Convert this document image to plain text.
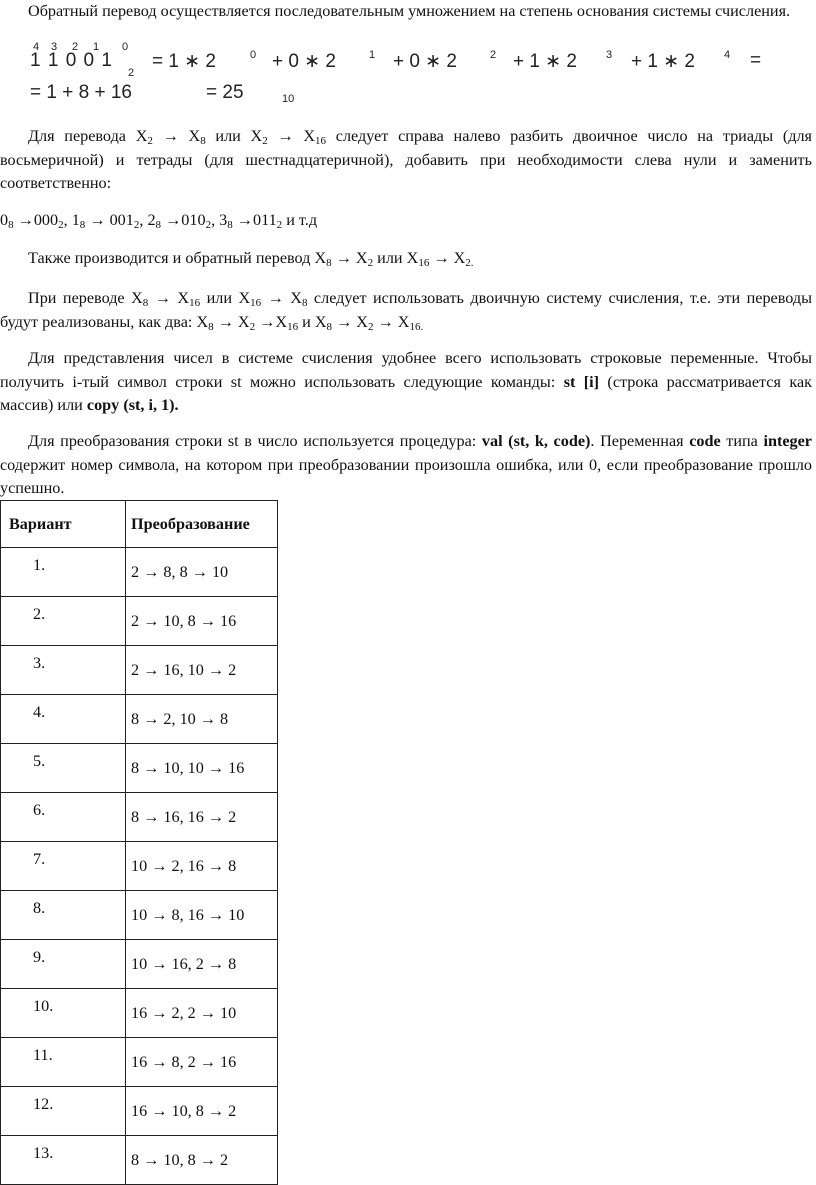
Обратный перевод осуществляется последовательным умножением на степень основания системы счисления.
4 3 2 1 0
1 1 0 0 1
2
= 1 ∗ 2	0 + 0 ∗ 2	1 + 0 ∗ 2	2 + 1 ∗ 2	3 + 1 ∗ 2	4 =
= 1 + 8 + 16	= 25	10
Для перевода $X_2 \to X_8$ или $X_2 \to X_{16}$ следует справа налево разбить двоичное число на триады (для восьмеричной) и тетрады (для шестнадцатеричной), добавить при необходимости слева нули и заменить соответственно:
$0_8 \to 000_2$, $1_8 \to 001_2$, $2_8 \to 010_2$, $3_8 \to 011_2$ и т.д
Также производится и обратный перевод $X_8 \to X_2$ или $X_{16} \to X_{2.}$
При переводе $X_8 \to X_{16}$ или $X_{16} \to X_8$ следует использовать двоичную систему счисления, т.е. эти переводы будут реализованы, как два: $X_8 \to X_2 \to X_{16}$ и $X_8 \to X_2 \to X_{16.}$
Для представления чисел в системе счисления удобнее всего использовать строковые переменные. Чтобы получить i-тый символ строки st можно использовать следующие команды: st [i] (строка рассматривается как массив) или copy (st, i, 1).
Для преобразования строки st в число используется процедура: val (st, k, code). Переменная code типа integer содержит номер символа, на котором при преобразовании произошла ошибка, или 0, если преобразование прошло успешно.
Вариант	Преобразование
1.	2 → 8, 8 → 10
2.	2 → 10, 8 → 16
3.	2 → 16, 10 → 2
4.	8 → 2, 10 → 8
5.	8 → 10, 10 → 16
6.	8 → 16, 16 → 2
7.	10 → 2, 16 → 8
8.	10 → 8, 16 → 10
9.	10 → 16, 2 → 8
10.	16 → 2, 2 → 10
11.	16 → 8, 2 → 16
12.	16 → 10, 8 → 2
13.	8 → 10, 8 → 2
